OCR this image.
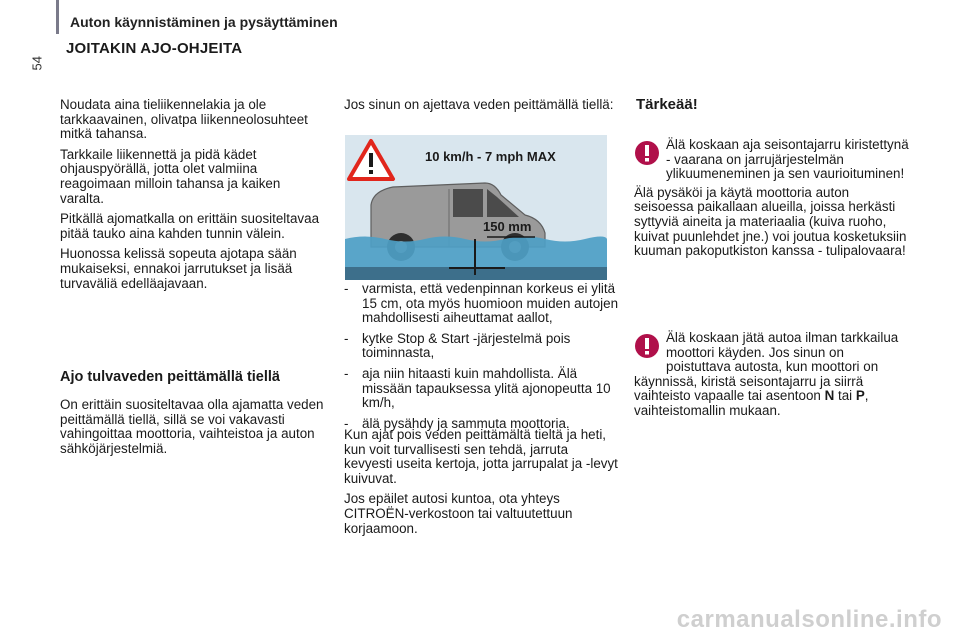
54
Auton käynnistäminen ja pysäyttäminen
JOITAKIN AJO-OHJEITA

Noudata aina tieliikennelakia ja ole tarkkaavainen, olivatpa liikenneolosuhteet mitkä tahansa.

Tarkkaile liikennettä ja pidä kädet ohjauspyörällä, jotta olet valmiina reagoimaan milloin tahansa ja kaiken varalta.

Pitkällä ajomatkalla on erittäin suositeltavaa pitää tauko aina kahden tunnin välein.

Huonossa kelissä sopeuta ajotapa sään mukaiseksi, ennakoi jarrutukset ja lisää turvaväliä edelläajavaan.

Ajo tulvaveden peittämällä tiellä
On erittäin suositeltavaa olla ajamatta veden peittämällä tiellä, sillä se voi vakavasti vahingoittaa moottoria, vaihteistoa ja auton sähköjärjestelmiä.

Jos sinun on ajettava veden peittämällä tiellä:

10 km/h - 7 mph MAX
150 mm
-	varmista, että vedenpinnan korkeus ei ylitä 15 cm, ota myös huomioon muiden autojen mahdollisesti aiheuttamat aallot,
-	kytke Stop & Start -järjestelmä pois toiminnasta,
-	aja niin hitaasti kuin mahdollista. Älä missään tapauksessa ylitä ajonopeutta 10 km/h,
-	älä pysähdy ja sammuta moottoria.

Kun ajat pois veden peittämältä tieltä ja heti, kun voit turvallisesti sen tehdä, jarruta kevyesti useita kertoja, jotta jarrupalat ja -levyt kuivuvat.

Jos epäilet autosi kuntoa, ota yhteys CITROËN-verkostoon tai valtuutettuun korjaamoon.

Tärkeää!

Älä koskaan aja seisontajarru kiristettynä - vaarana on jarrujärjestelmän ylikuumeneminen ja sen vaurioituminen!

Älä pysäköi ja käytä moottoria auton seisoessa paikallaan alueilla, joissa herkästi syttyviä aineita ja materiaalia (kuiva ruoho, kuivat puunlehdet jne.) voi joutua kosketuksiin kuuman pakoputkiston kanssa - tulipalovaara!

Älä koskaan jätä autoa ilman tarkkailua moottori käyden. Jos sinun on poistuttava autosta, kun moottori on käynnissä, kiristä seisontajarru ja siirrä vaihteisto vapaalle tai asentoon N tai P, vaihteistomallin mukaan.

carmanualsonline.info
